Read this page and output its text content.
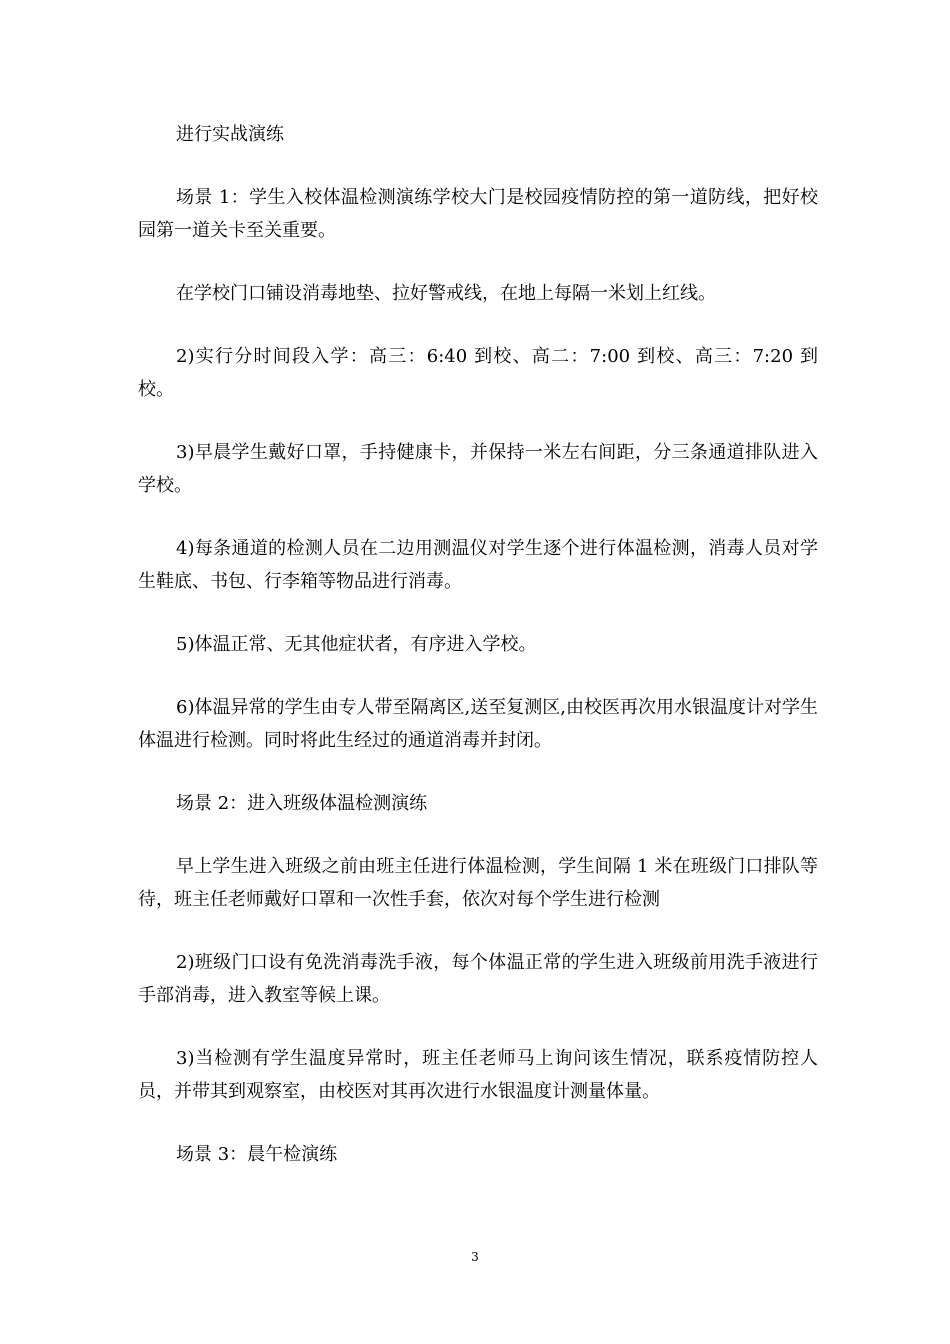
进行实战演练

场景 1：学生入校体温检测演练学校大门是校园疫情防控的第一道防线，把好校园第一道关卡至关重要。

在学校门口铺设消毒地垫、拉好警戒线，在地上每隔一米划上红线。

2)实行分时间段入学：高三：6:40 到校、高二：7:00 到校、高三：7:20 到校。

3)早晨学生戴好口罩，手持健康卡，并保持一米左右间距，分三条通道排队进入学校。

4)每条通道的检测人员在二边用测温仪对学生逐个进行体温检测，消毒人员对学生鞋底、书包、行李箱等物品进行消毒。

5)体温正常、无其他症状者，有序进入学校。

6)体温异常的学生由专人带至隔离区,送至复测区,由校医再次用水银温度计对学生体温进行检测。同时将此生经过的通道消毒并封闭。

场景 2：进入班级体温检测演练

早上学生进入班级之前由班主任进行体温检测，学生间隔 1 米在班级门口排队等待，班主任老师戴好口罩和一次性手套，依次对每个学生进行检测

2)班级门口设有免洗消毒洗手液，每个体温正常的学生进入班级前用洗手液进行手部消毒，进入教室等候上课。

3)当检测有学生温度异常时，班主任老师马上询问该生情况，联系疫情防控人员，并带其到观察室，由校医对其再次进行水银温度计测量体量。

场景 3：晨午检演练

3
